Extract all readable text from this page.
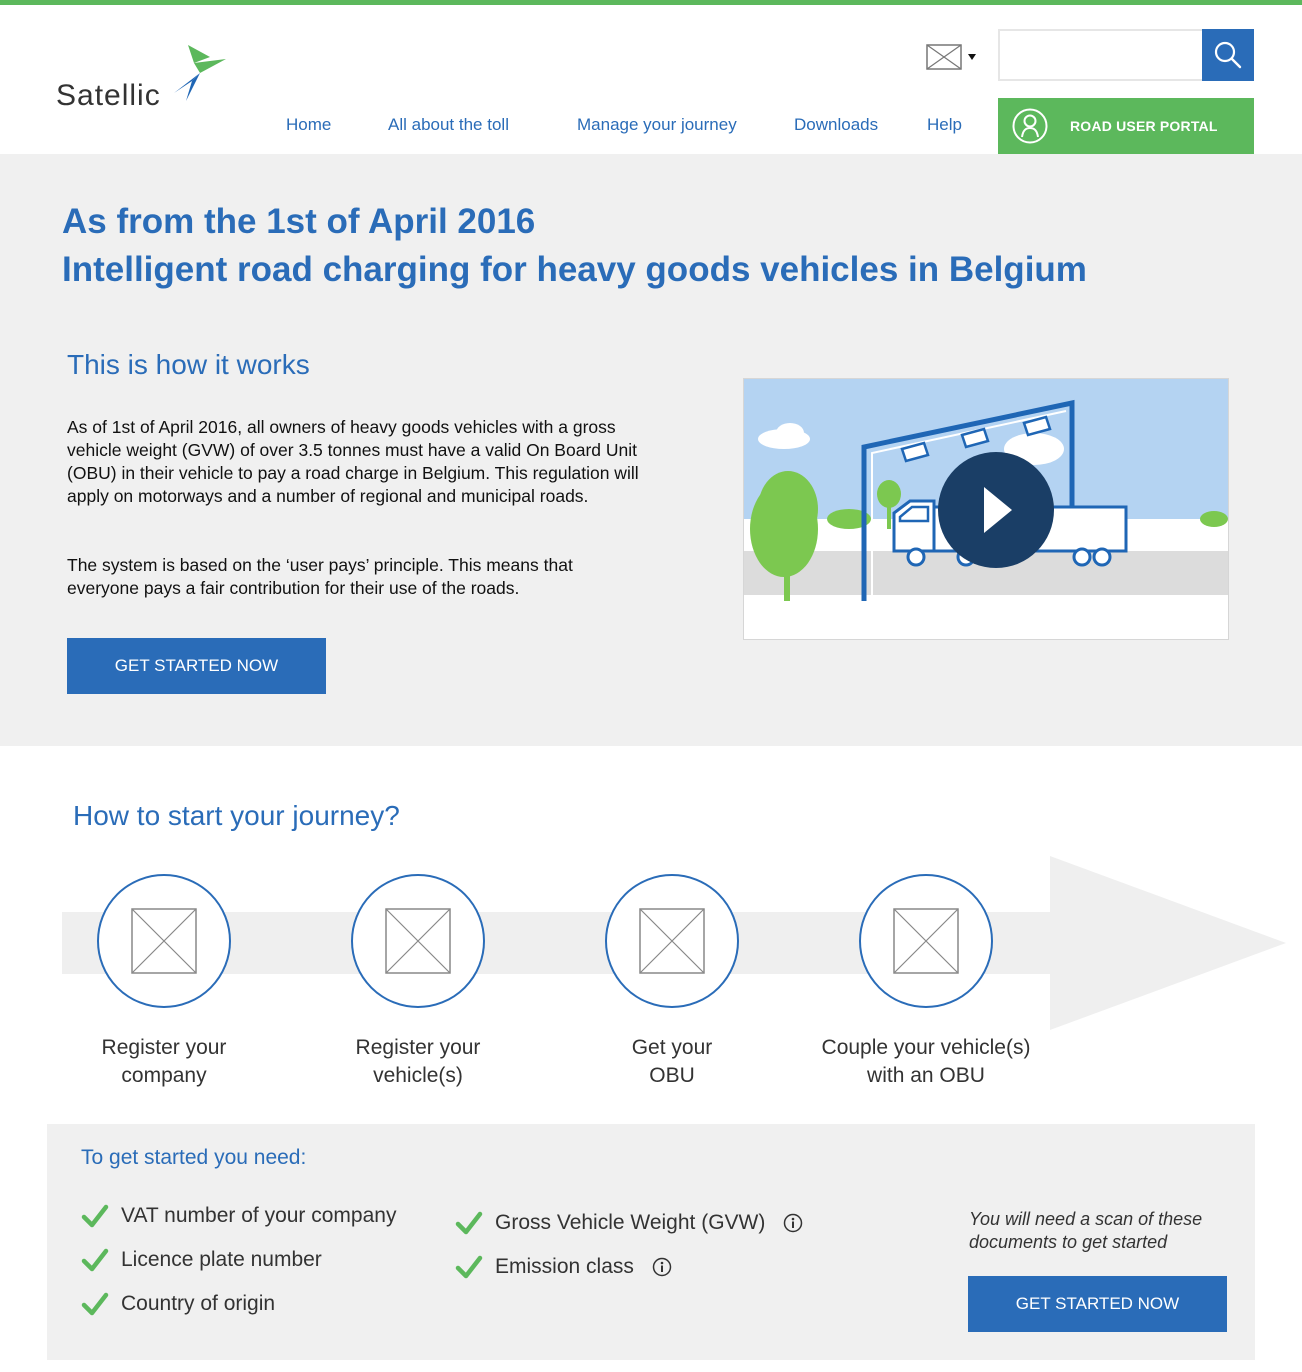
Satellic
Home	All about the toll	Manage your journey	Downloads	Help	ROAD USER PORTAL
As from the 1st of April 2016
Intelligent road charging for heavy goods vehicles in Belgium
This is how it works

As of 1st of April 2016, all owners of heavy goods vehicles with a gross vehicle weight (GVW) of over 3.5 tonnes must have a valid On Board Unit (OBU) in their vehicle to pay a road charge in Belgium. This regulation will apply on motorways and a number of regional and municipal roads.

The system is based on the ‘user pays’ principle. This means that everyone pays a fair contribution for their use of the roads.

GET STARTED NOW
How to start your journey?
Register your
company
Register your
vehicle(s)
Get your
OBU
Couple your vehicle(s)
with an OBU
To get started you need:
VAT number of your company
Licence plate number
Country of origin
Gross Vehicle Weight (GVW)
Emission class
You will need a scan of these documents to get started
GET STARTED NOW
